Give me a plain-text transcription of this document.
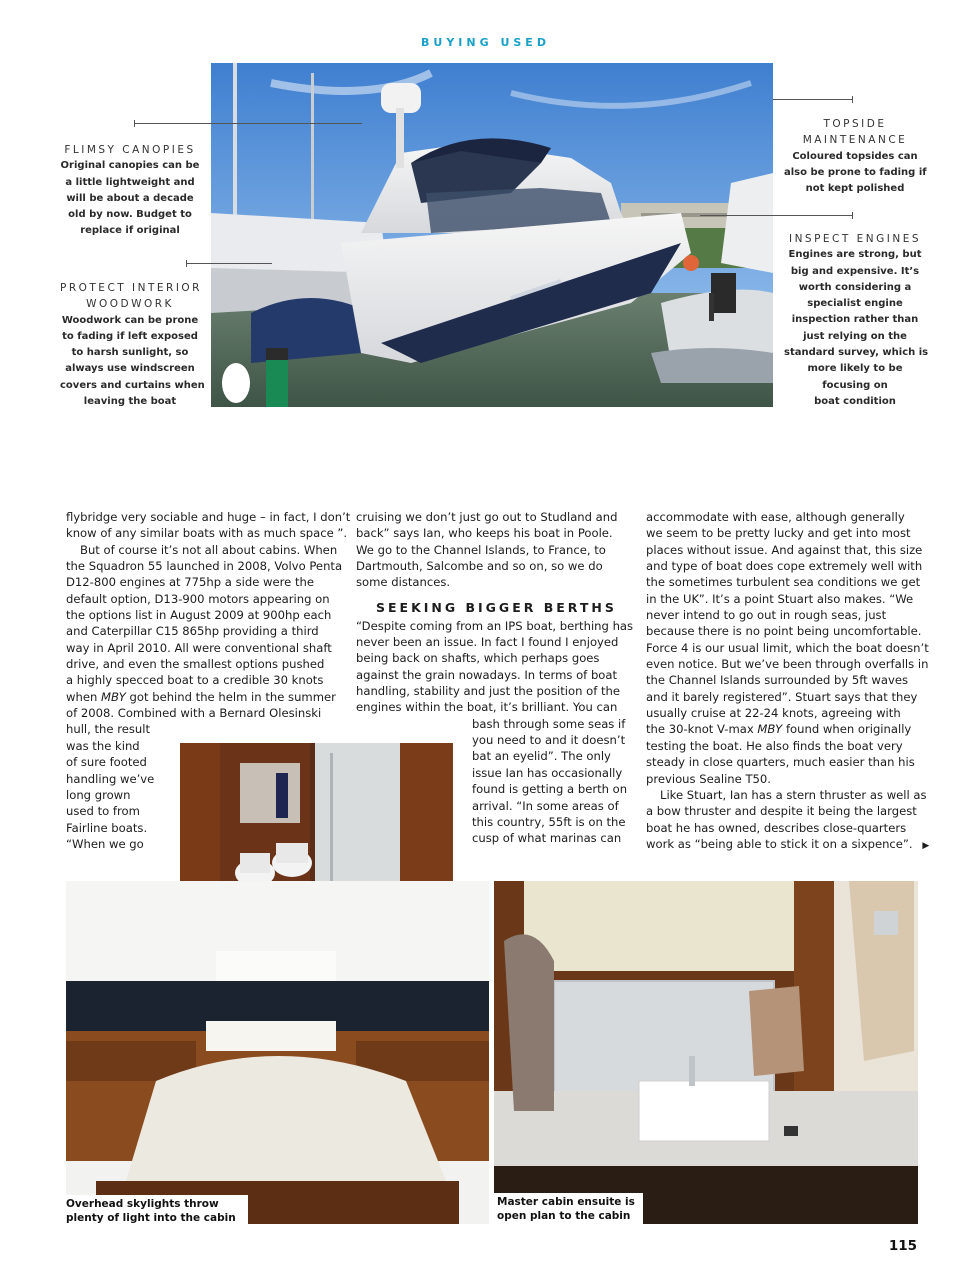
BUYING USED
FLIMSY CANOPIES
Original canopies can be
a little lightweight and
will be about a decade
old by now. Budget to
replace if original
PROTECT INTERIOR
WOODWORK
Woodwork can be prone
to fading if left exposed
to harsh sunlight, so
always use windscreen
covers and curtains when
leaving the boat
TOPSIDE
MAINTENANCE
Coloured topsides can
also be prone to fading if
not kept polished
INSPECT ENGINES
Engines are strong, but
big and expensive. It’s
worth considering a
specialist engine
inspection rather than
just relying on the
standard survey, which is
more likely to be
focusing on
boat condition

flybridge very sociable and huge – in fact, I don’t
know of any similar boats with as much space ”.

But of course it’s not all about cabins. When
the Squadron 55 launched in 2008, Volvo Penta
D12-800 engines at 775hp a side were the
default option, D13-900 motors appearing on
the options list in August 2009 at 900hp each
and Caterpillar C15 865hp providing a third
way in April 2010. All were conventional shaft
drive, and even the smallest options pushed
a highly specced boat to a credible 30 knots
when MBY got behind the helm in the summer
of 2008. Combined with a Bernard Olesinski
hull, the result
was the kind
of sure footed
handling we’ve
long grown
used to from
Fairline boats.
“When we go

cruising we don’t just go out to Studland and
back” says Ian, who keeps his boat in Poole.
We go to the Channel Islands, to France, to
Dartmouth, Salcombe and so on, so we do
some distances.

SEEKING BIGGER BERTHS

“Despite coming from an IPS boat, berthing has
never been an issue. In fact I found I enjoyed
being back on shafts, which perhaps goes
against the grain nowadays. In terms of boat
handling, stability and just the position of the
engines within the boat, it’s brilliant. You can
bash through some seas if
you need to and it doesn’t
bat an eyelid”. The only
issue Ian has occasionally
found is getting a berth on
arrival. “In some areas of
this country, 55ft is on the
cusp of what marinas can

accommodate with ease, although generally
we seem to be pretty lucky and get into most
places without issue. And against that, this size
and type of boat does cope extremely well with
the sometimes turbulent sea conditions we get
in the UK”. It’s a point Stuart also makes. “We
never intend to go out in rough seas, just
because there is no point being uncomfortable.
Force 4 is our usual limit, which the boat doesn’t
even notice. But we’ve been through overfalls in
the Channel Islands surrounded by 5ft waves
and it barely registered”. Stuart says that they
usually cruise at 22-24 knots, agreeing with
the 30-knot V-max MBY found when originally
testing the boat. He also finds the boat very
steady in close quarters, much easier than his
previous Sealine T50.

Like Stuart, Ian has a stern thruster as well as
a bow thruster and despite it being the largest
boat he has owned, describes close-quarters
work as “being able to stick it on a sixpence”. ▶

Overhead skylights throw
plenty of light into the cabin
Master cabin ensuite is
open plan to the cabin
115
